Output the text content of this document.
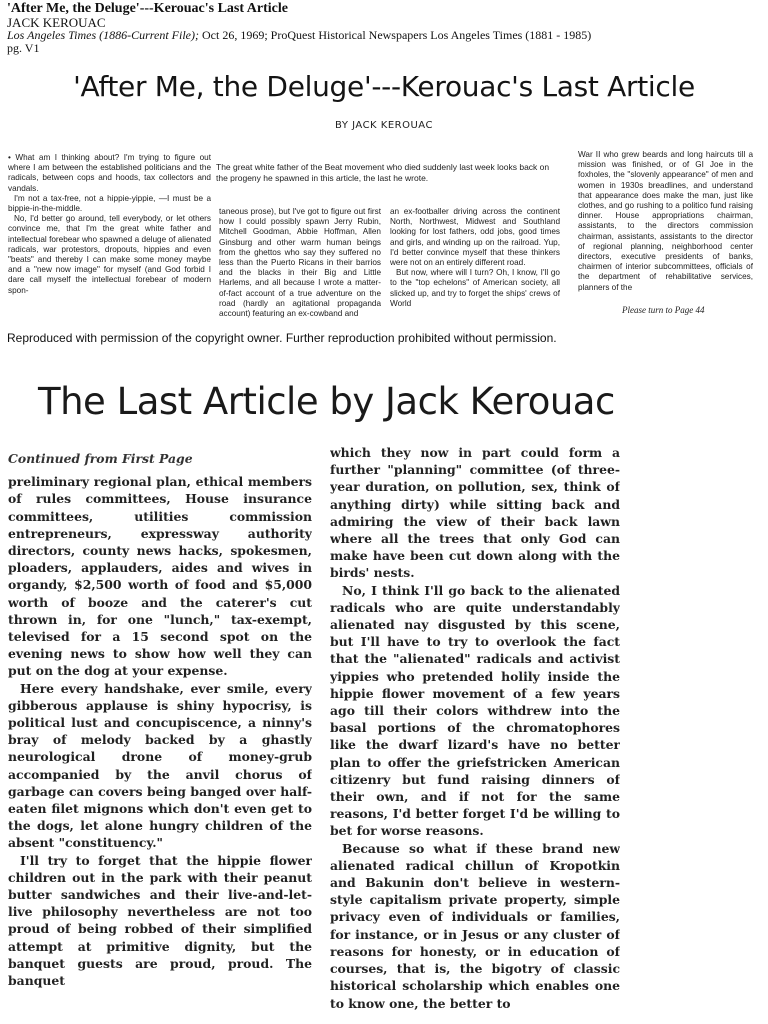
'After Me, the Deluge'---Kerouac's Last Article
JACK KEROUAC
Los Angeles Times (1886-Current File); Oct 26, 1969; ProQuest Historical Newspapers Los Angeles Times (1881 - 1985)
pg. V1
'After Me, the Deluge'---Kerouac's Last Article
BY JACK KEROUAC

• What am I thinking about? I'm trying to figure out where I am between the established politicians and the radicals, between cops and hoods, tax collectors and vandals.

I'm not a tax-free, not a hippie-yippie, —I must be a bippie-in-the-middle.

No, I'd better go around, tell everybody, or let others convince me, that I'm the great white father and intellectual forebear who spawned a deluge of alienated radicals, war protestors, dropouts, hippies and even "beats" and thereby I can make some money maybe and a "new now image" for myself (and God forbid I dare call myself the intellectual forebear of modern spon-

The great white father of the Beat movement who died suddenly last week looks back on the progeny he spawned in this article, the last he wrote.

taneous prose), but I've got to figure out first how I could possibly spawn Jerry Rubin, Mitchell Goodman, Abbie Hoffman, Allen Ginsburg and other warm human beings from the ghettos who say they suffered no less than the Puerto Ricans in their barrios and the blacks in their Big and Little Harlems, and all because I wrote a matter-of-fact account of a true adventure on the road (hardly an agitational propaganda account) featuring an ex-cowband and

an ex-footballer driving across the continent North, Northwest, Midwest and Southland looking for lost fathers, odd jobs, good times and girls, and winding up on the railroad. Yup, I'd better convince myself that these thinkers were not on an entirely different road.

But now, where will I turn? Oh, I know, I'll go to the "top echelons" of American society, all slicked up, and try to forget the ships' crews of World

War II who grew beards and long haircuts till a mission was finished, or of GI Joe in the foxholes, the "slovenly appearance" of men and women in 1930s breadlines, and understand that appearance does make the man, just like clothes, and go rushing to a politico fund raising dinner. House appropriations chairman, assistants, to the directors commission chairman, assistants, assistants to the director of regional planning, neighborhood center directors, executive presidents of banks, chairmen of interior subcommittees, officials of the department of rehabilitative services, planners of the

Please turn to Page 44
Reproduced with permission of the copyright owner. Further reproduction prohibited without permission.
The Last Article by Jack Kerouac

Continued from First Page

preliminary regional plan, ethical members of rules committees, House insurance committees, utilities commission entrepreneurs, expressway authority directors, county news hacks, spokesmen, ploaders, applauders, aides and wives in organdy, $2,500 worth of food and $5,000 worth of booze and the caterer's cut thrown in, for one "lunch," tax-exempt, televised for a 15 second spot on the evening news to show how well they can put on the dog at your expense.

Here every handshake, ever smile, every gibberous applause is shiny hypocrisy, is political lust and concupiscence, a ninny's bray of melody backed by a ghastly neurological drone of money-grub accompanied by the anvil chorus of garbage can covers being banged over half-eaten filet mignons which don't even get to the dogs, let alone hungry children of the absent "constituency."

I'll try to forget that the hippie flower children out in the park with their peanut butter sandwiches and their live-and-let-live philosophy nevertheless are not too proud of being robbed of their simplified attempt at primitive dignity, but the banquet guests are proud, proud. The banquet

which they now in part could form a further "planning" committee (of three-year duration, on pollution, sex, think of anything dirty) while sitting back and admiring the view of their back lawn where all the trees that only God can make have been cut down along with the birds' nests.

No, I think I'll go back to the alienated radicals who are quite understandably alienated nay disgusted by this scene, but I'll have to try to overlook the fact that the "alienated" radicals and activist yippies who pretended holily inside the hippie flower movement of a few years ago till their colors withdrew into the basal portions of the chromatophores like the dwarf lizard's have no better plan to offer the griefstricken American citizenry but fund raising dinners of their own, and if not for the same reasons, I'd better forget I'd be willing to bet for worse reasons.

Because so what if these brand new alienated radical chillun of Kropotkin and Bakunin don't believe in western-style capitalism private property, simple privacy even of individuals or families, for instance, or in Jesus or any cluster of reasons for honesty, or in education of courses, that is, the bigotry of classic historical scholarship which enables one to know one, the better to
